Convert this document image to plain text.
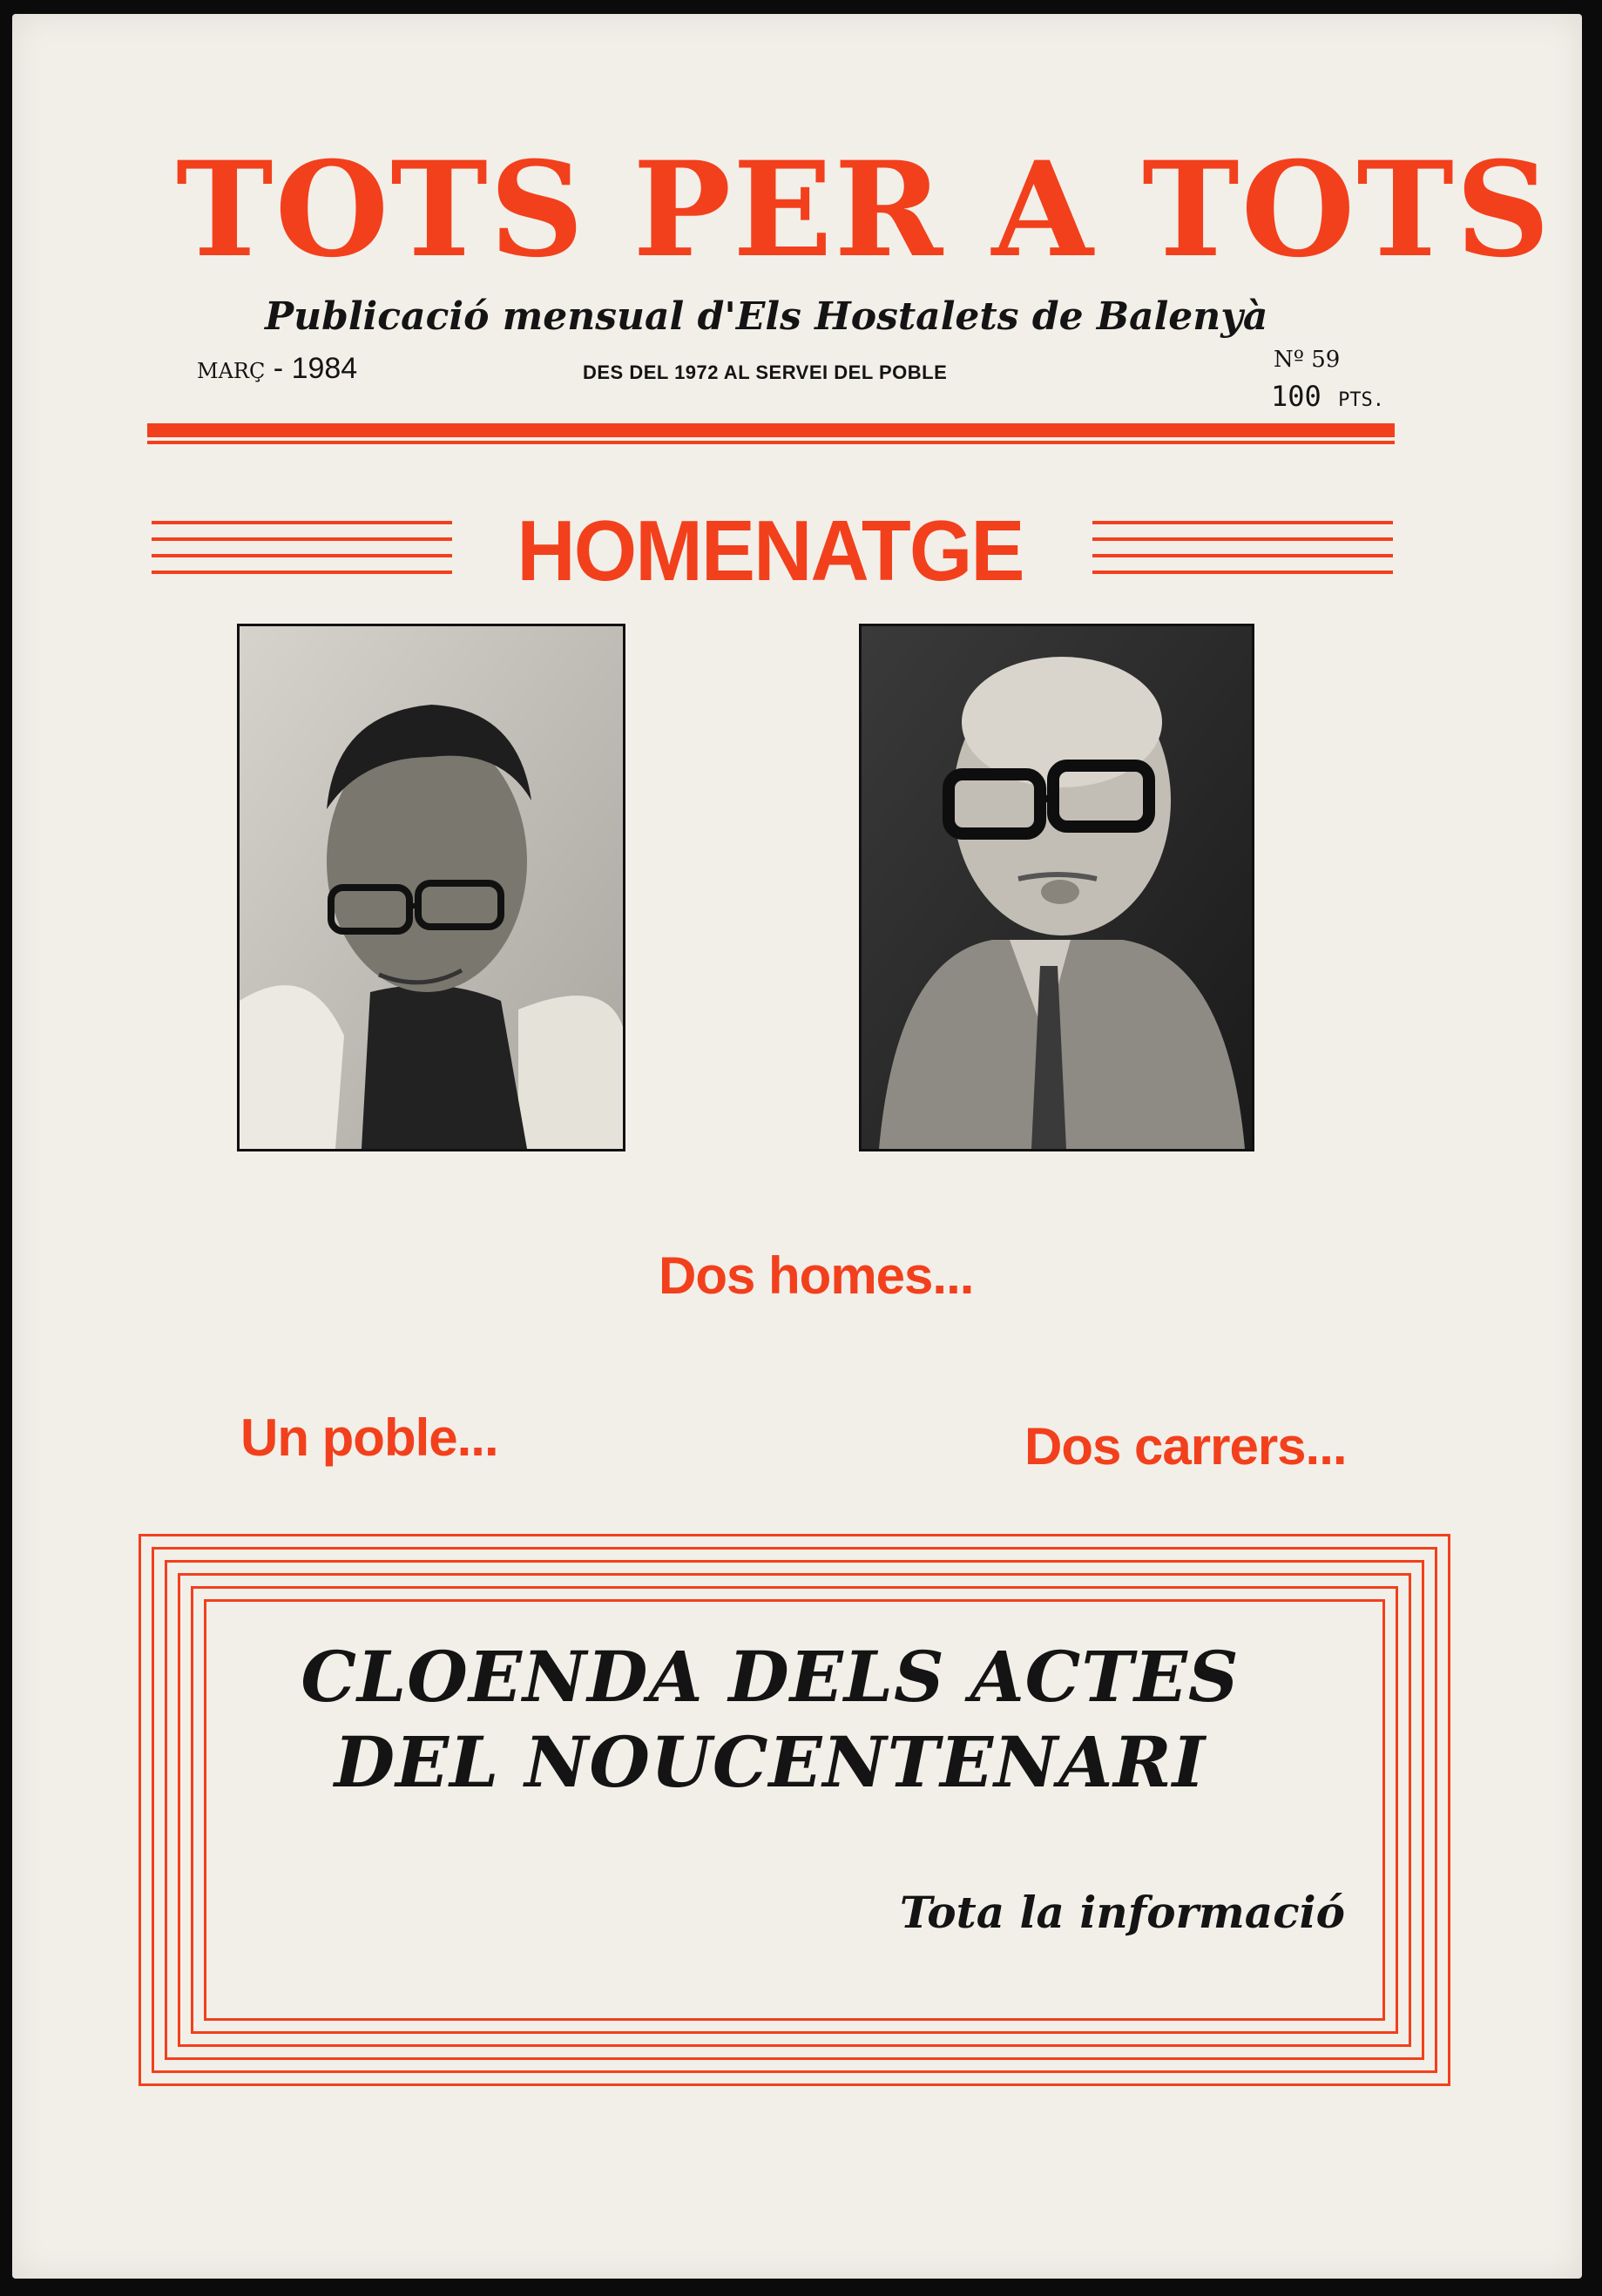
TOTS PER A TOTS
Publicació mensual d'Els Hostalets de Balenyà
MARÇ - 1984	DES DEL 1972 AL SERVEI DEL POBLE	Nº 59
100 PTS.
HOMENATGE
Dos homes...
Un poble...	Dos carrers...
CLOENDA DELS ACTES
DEL NOUCENTENARI
Tota la informació
